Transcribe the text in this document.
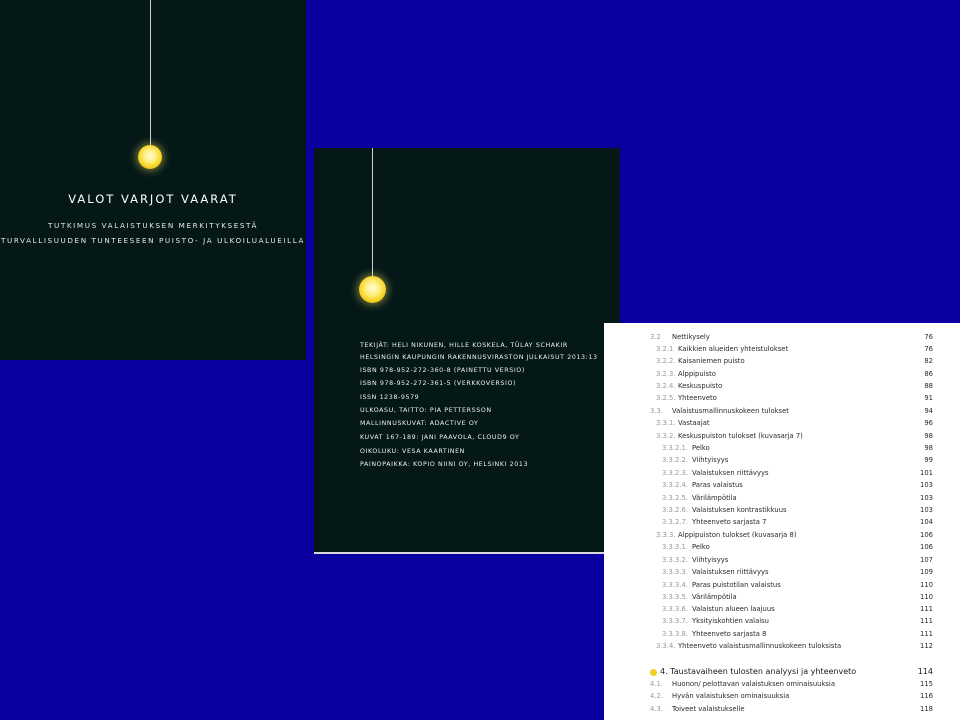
VALOT VARJOT VAARAT
TUTKIMUS VALAISTUKSEN MERKITYKSESTÄ
TURVALLISUUDEN TUNTEESEEN PUISTO- JA ULKOILUALUEILLA
TEKIJÄT: HELI NIKUNEN, HILLE KOSKELA, TÜLAY SCHAKIR
HELSINGIN KAUPUNGIN RAKENNUSVIRASTON JULKAISUT 2013:13
ISBN 978-952-272-360-8 (PAINETTU VERSIO)
ISBN 978-952-272-361-5 (VERKKOVERSIO)
ISSN 1238-9579
ULKOASU, TAITTO: PIA PETTERSSON
MALLINNUSKUVAT: ADACTIVE OY
KUVAT 167-189: JANI PAAVOLA, CLOUD9 OY
OIKOLUKU: VESA KAARTINEN
PAINOPAIKKA: KOPIO NIINI OY, HELSINKI 2013
3.2 Nettikysely	76
3.2.1 Kaikkien alueiden yhteistulokset	76
3.2.2. Kaisaniemen puisto	82
3.2.3. Alppipuisto	86
3.2.4. Keskuspuisto	88
3.2.5. Yhteenveto	91
3.3. Valaistusmallinnuskokeen tulokset	94
3.3.1. Vastaajat	96
3.3.2. Keskuspuiston tulokset (kuvasarja 7)	98
3.3.2.1. Pelko	98
3.3.2.2. Viihtyisyys	99
3.3.2.3. Valaistuksen riittävyys	101
3.3.2.4. Paras valaistus	103
3.3.2.5. Värilämpötila	103
3.3.2.6. Valaistuksen kontrastikkuus	103
3.3.2.7. Yhteenveto sarjasta 7	104
3.3.3. Alppipuiston tulokset (kuvasarja 8)	106
3.3.3.1. Pelko	106
3.3.3.2. Viihtyisyys	107
3.3.3.3. Valaistuksen riittävyys	109
3.3.3.4. Paras puistotilan valaistus	110
3.3.3.5. Värilämpötila	110
3.3.3.6. Valaistun alueen laajuus	111
3.3.3.7. Yksityiskohtien valaisu	111
3.3.3.8. Yhteenveto sarjasta 8	111
3.3.4. Yhteenveto valaistusmallinnuskokeen tuloksista	112
4. Taustavaiheen tulosten analyysi ja yhteenveto	114
4.1. Huonon/ pelottavan valaistuksen ominaisuuksia	115
4.2. Hyvän valaistuksen ominaisuuksia	116
4.3. Toiveet valaistukselle	118
